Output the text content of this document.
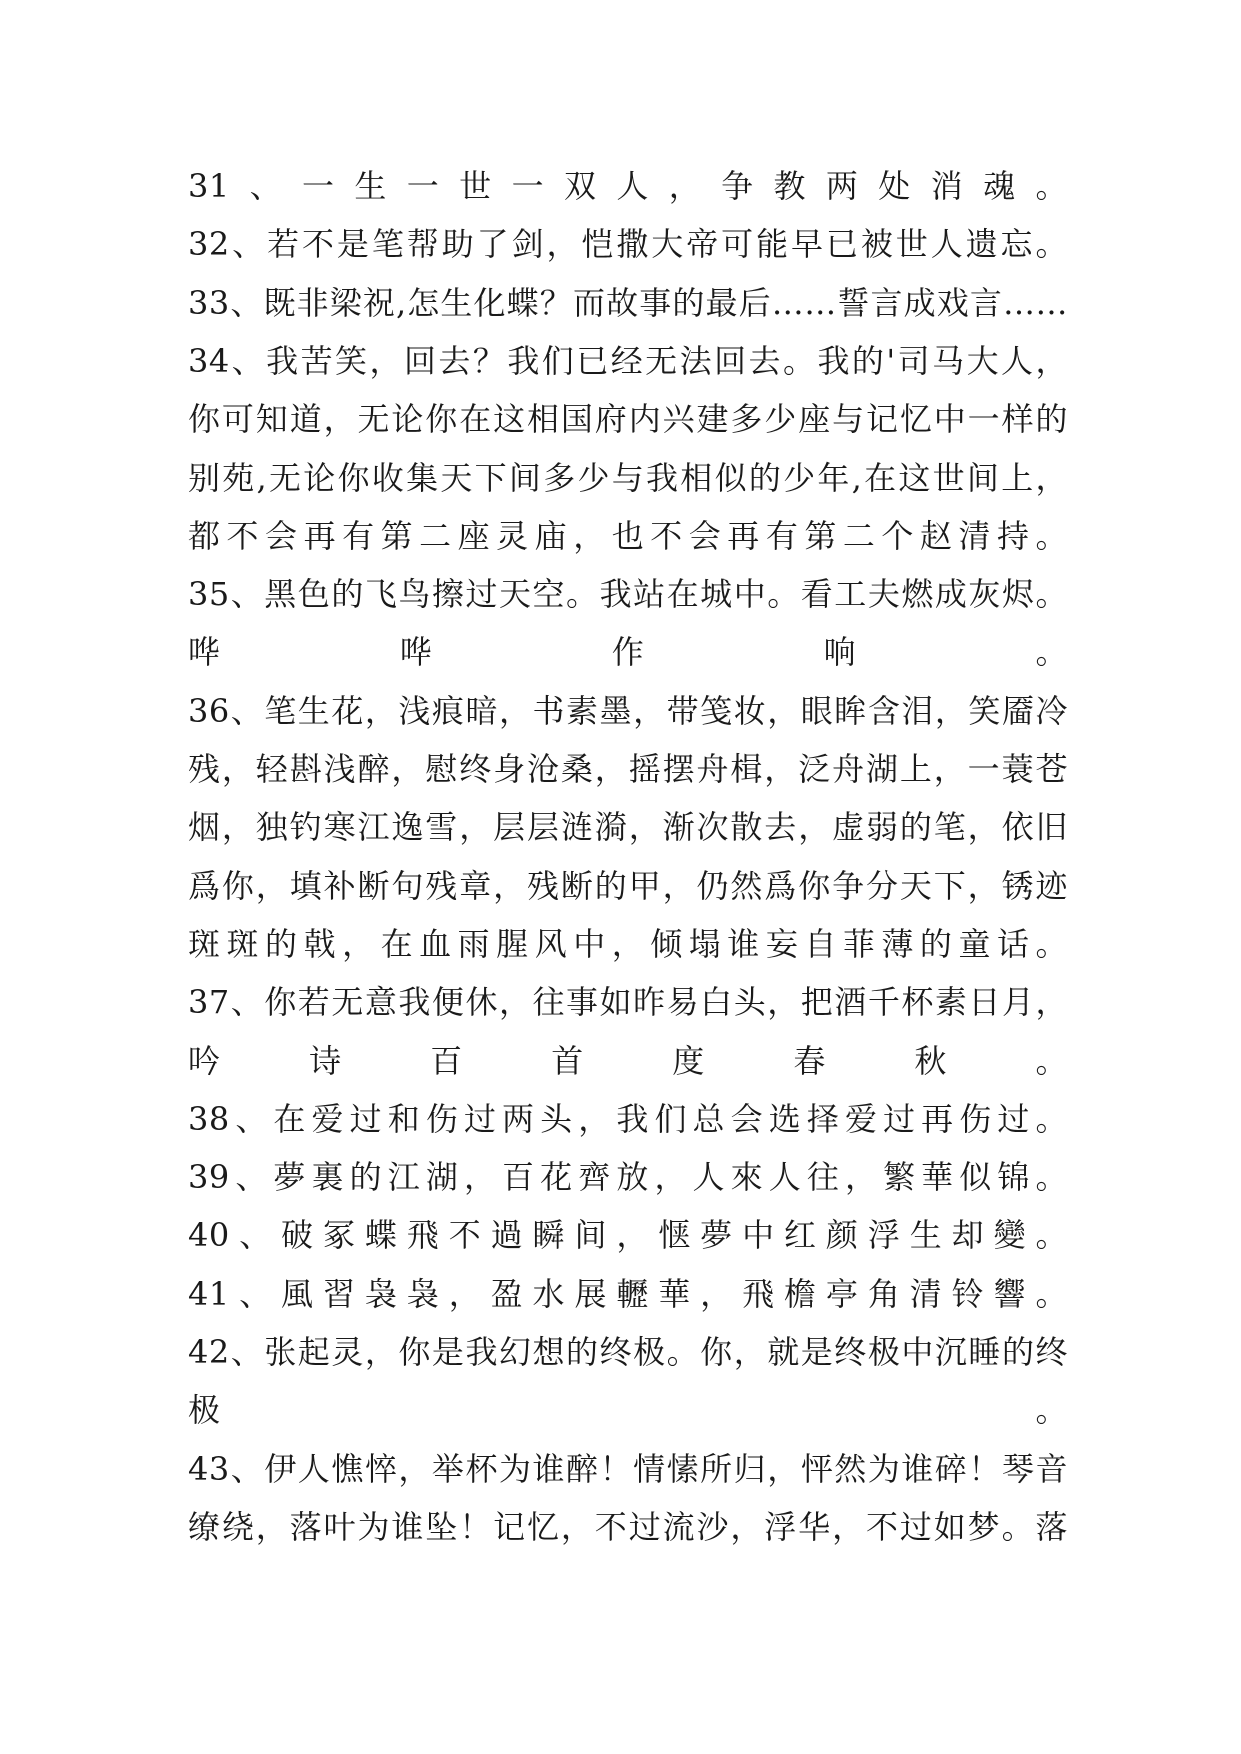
31、一生一世一双人，争教两处消魂。
32、若不是笔帮助了剑，恺撒大帝可能早已被世人遗忘。
33、既非梁祝,怎生化蝶？而故事的最后……誓言成戏言……
34、我苦笑，回去？我们已经无法回去。我的'司马大人，
你可知道，无论你在这相国府内兴建多少座与记忆中一样的
别苑,无论你收集天下间多少与我相似的少年,在这世间上，
都不会再有第二座灵庙，也不会再有第二个赵清持。
35、黑色的飞鸟擦过天空。我站在城中。看工夫燃成灰烬。
哗哗作响。
36、笔生花，浅痕暗，书素墨，带笺妆，眼眸含泪，笑靥冷
残，轻斟浅醉，慰终身沧桑，摇摆舟楫，泛舟湖上，一蓑苍
烟，独钓寒江逸雪，层层涟漪，渐次散去，虚弱的笔，依旧
爲你，填补断句残章，残断的甲，仍然爲你争分天下，锈迹
斑斑的戟，在血雨腥风中，倾塌谁妄自菲薄的童话。
37、你若无意我便休，往事如昨易白头，把酒千杯素日月，
吟诗百首度春秋。
38、在爱过和伤过两头，我们总会选择爱过再伤过。
39、夢裏的江湖，百花齊放，人來人往，繁華似锦。
40、破冢蝶飛不過瞬间，惬夢中红颜浮生却變。
41、風習袅袅，盈水展轣華，飛檐亭角清铃響。
42、张起灵，你是我幻想的终极。你，就是终极中沉睡的终
极。
43、伊人憔悴，举杯为谁醉！情愫所归，怦然为谁碎！琴音
缭绕，落叶为谁坠！记忆，不过流沙，浮华，不过如梦。落
